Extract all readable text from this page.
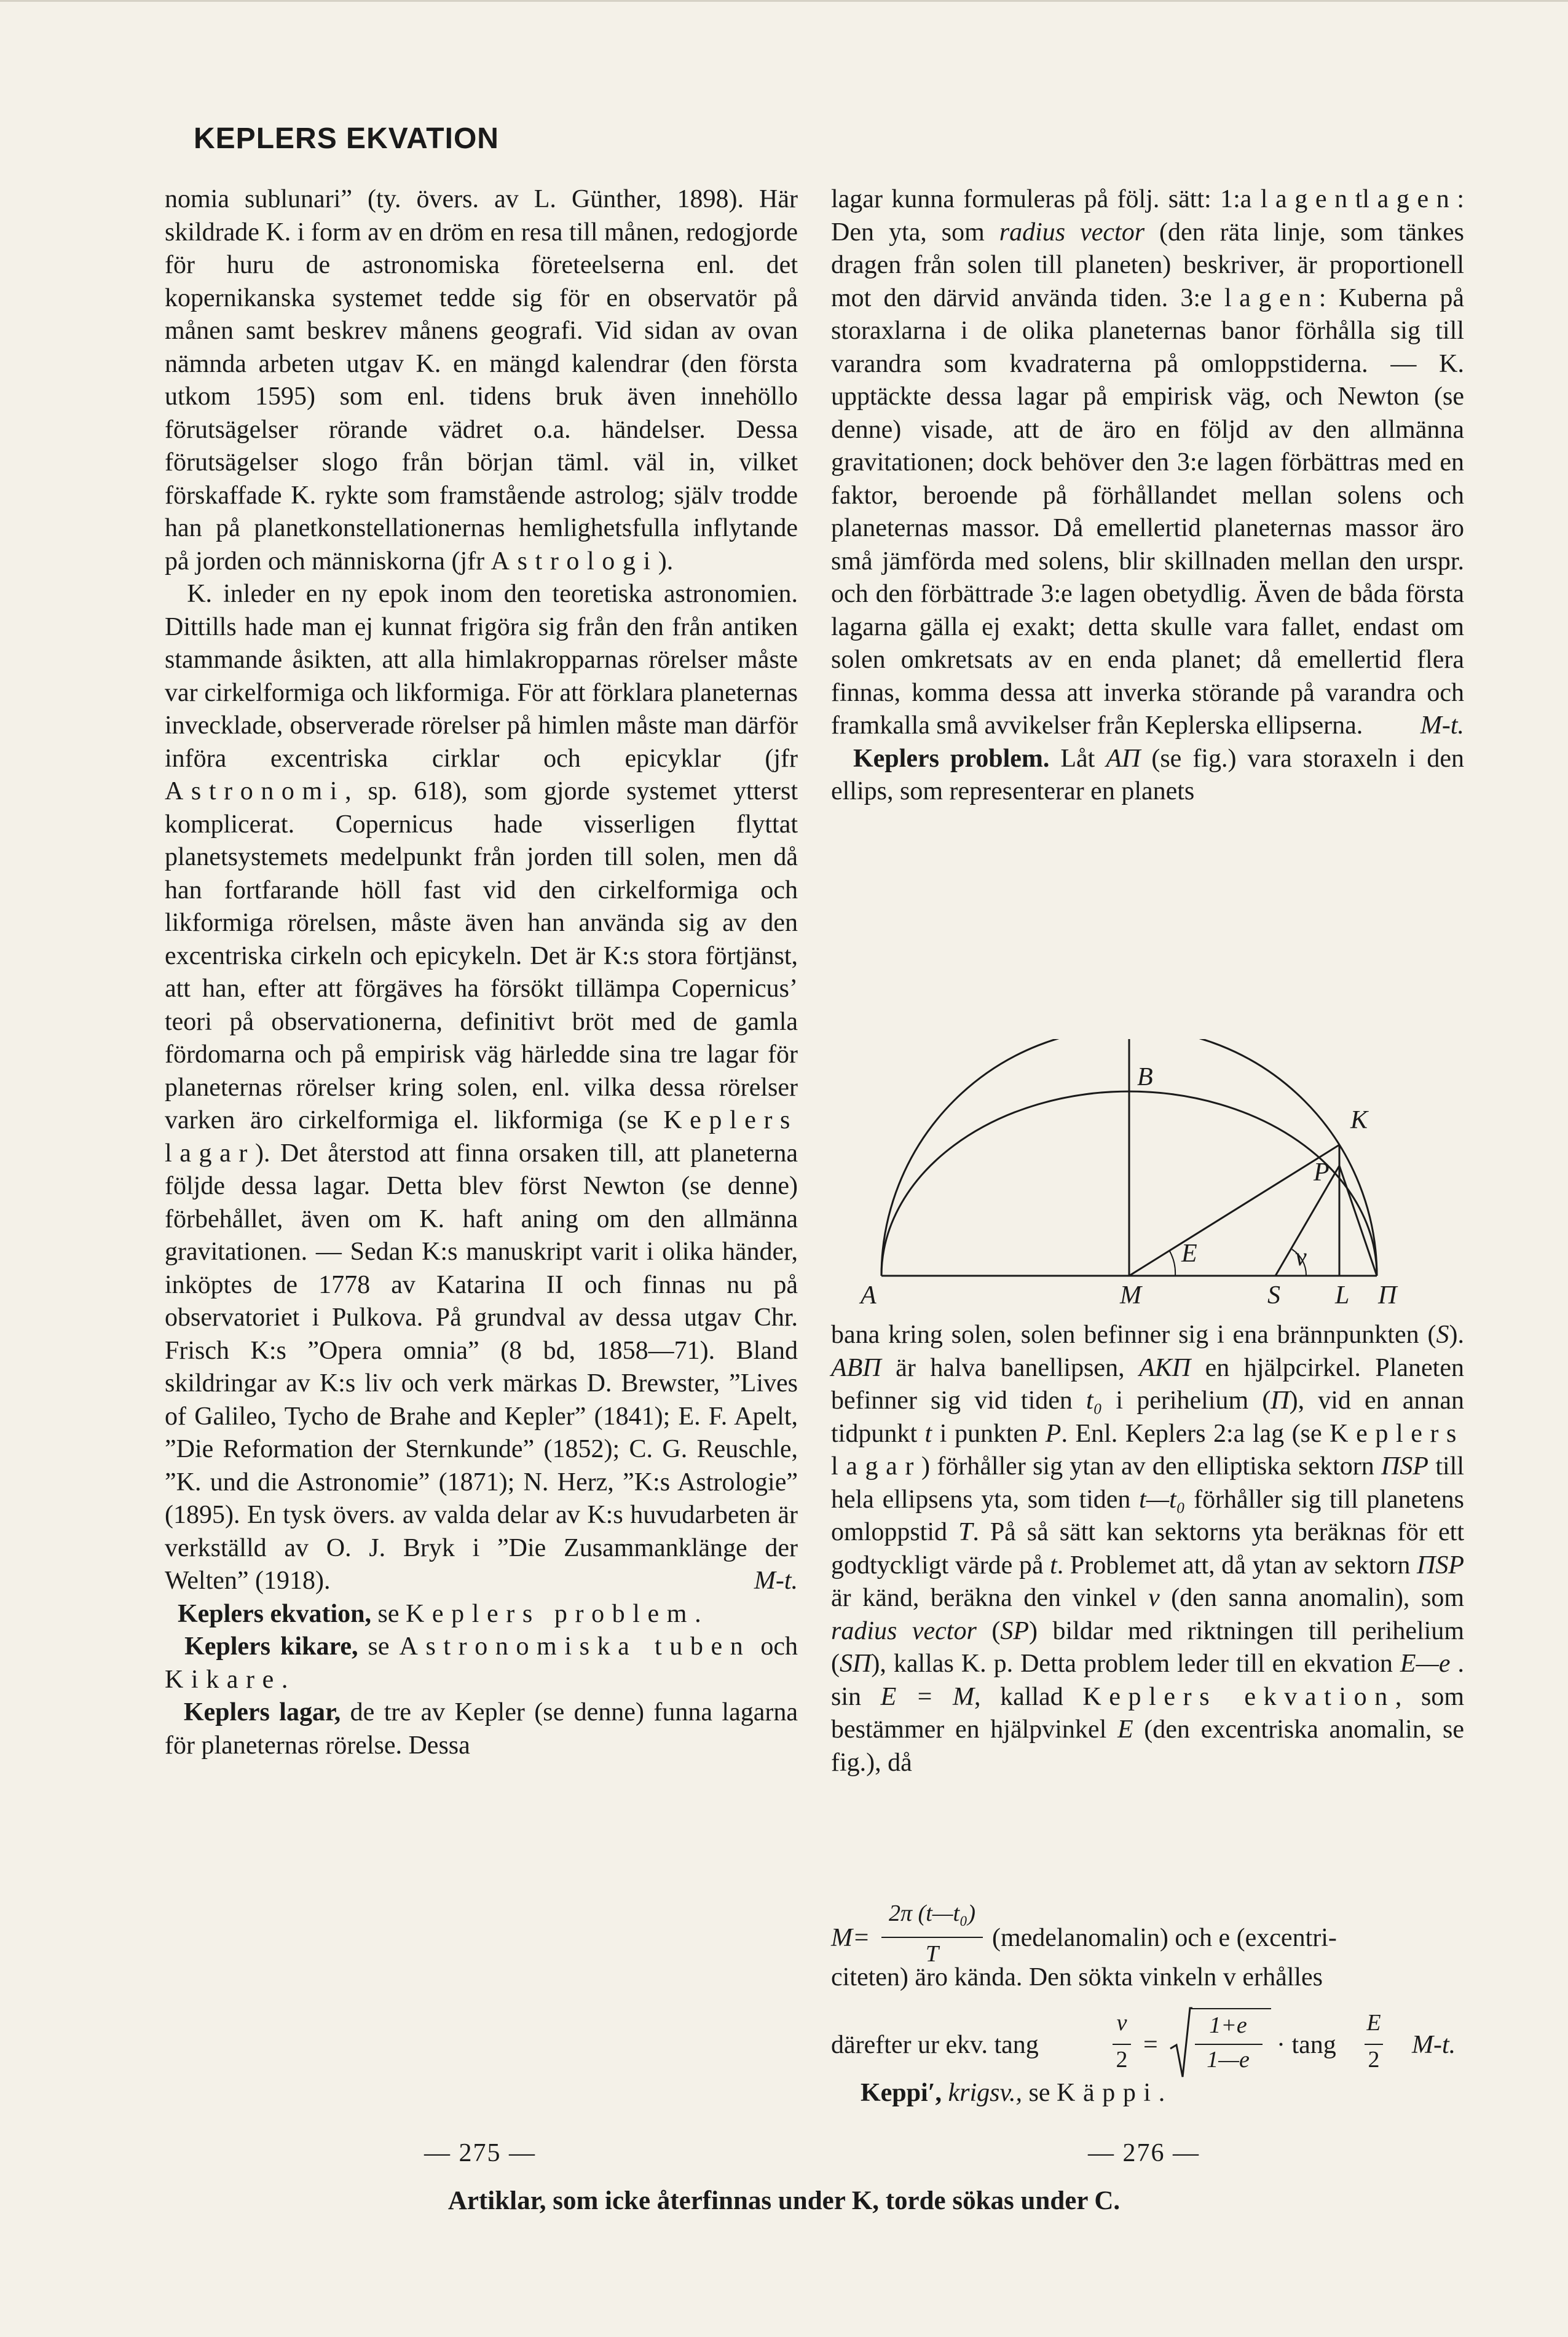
KEPLERS EKVATION

nomia sublunari” (ty. övers. av L. Günther, 1898). Här skildrade K. i form av en dröm en resa till månen, redogjorde för huru de astronomiska företeelserna enl. det kopernikanska systemet tedde sig för en observatör på månen samt beskrev månens geografi. Vid sidan av ovan nämnda arbeten utgav K. en mängd kalendrar (den första utkom 1595) som enl. tidens bruk även innehöllo förutsägelser rörande vädret o.a. händelser. Dessa förutsägelser slogo från början täml. väl in, vilket förskaffade K. rykte som framstående astrolog; själv trodde han på planetkonstellationernas hemlighetsfulla inflytande på jorden och människorna (jfr Astrologi).

K. inleder en ny epok inom den teoretiska astronomien. Dittills hade man ej kunnat frigöra sig från den från antiken stammande åsikten, att alla himlakropparnas rörelser måste var cirkelformiga och likformiga. För att förklara planeternas invecklade, observerade rörelser på himlen måste man därför införa excentriska cirklar och epicyklar (jfr Astronomi, sp. 618), som gjorde systemet ytterst komplicerat. Copernicus hade visserligen flyttat planetsystemets medelpunkt från jorden till solen, men då han fortfarande höll fast vid den cirkelformiga och likformiga rörelsen, måste även han använda sig av den excentriska cirkeln och epicykeln. Det är K:s stora förtjänst, att han, efter att förgäves ha försökt tillämpa Copernicus’ teori på observationerna, definitivt bröt med de gamla fördomarna och på empirisk väg härledde sina tre lagar för planeternas rörelser kring solen, enl. vilka dessa rörelser varken äro cirkelformiga el. likformiga (se Keplers lagar). Det återstod att finna orsaken till, att planeterna följde dessa lagar. Detta blev först Newton (se denne) förbehållet, även om K. haft aning om den allmänna gravitationen. — Sedan K:s manuskript varit i olika händer, inköptes de 1778 av Katarina II och finnas nu på observatoriet i Pulkova. På grundval av dessa utgav Chr. Frisch K:s ”Opera omnia” (8 bd, 1858—71). Bland skildringar av K:s liv och verk märkas D. Brewster, ”Lives of Galileo, Tycho de Brahe and Kepler” (1841); E. F. Apelt, ”Die Reformation der Sternkunde” (1852); C. G. Reuschle, ”K. und die Astronomie” (1871); N. Herz, ”K:s Astrologie” (1895). En tysk övers. av valda delar av K:s huvudarbeten är verkställd av O. J. Bryk i ”Die Zusammanklänge der Welten” (1918).	M-t.

Keplers ekvation, se Keplers problem.

Keplers kikare, se Astronomiska tuben och Kikare.

Keplers lagar, de tre av Kepler (se denne) funna lagarna för planeternas rörelse. Dessa

lagar kunna formuleras på följ. sätt: 1:a lagentlagen: Den yta, som radius vector (den räta linje, som tänkes dragen från solen till planeten) beskriver, är proportionell mot den därvid använda tiden. 3:e lagen: Kuberna på storaxlarna i de olika planeternas banor förhålla sig till varandra som kvadraterna på omloppstiderna. — K. upptäckte dessa lagar på empirisk väg, och Newton (se denne) visade, att de äro en följd av den allmänna gravitationen; dock behöver den 3:e lagen förbättras med en faktor, beroende på förhållandet mellan solens och planeternas massor. Då emellertid planeternas massor äro små jämförda med solens, blir skillnaden mellan den urspr. och den förbättrade 3:e lagen obetydlig. Även de båda första lagarna gälla ej exakt; detta skulle vara fallet, endast om solen omkretsats av en enda planet; då emellertid flera finnas, komma dessa att inverka störande på varandra och framkalla små avvikelser från Keplerska ellipserna. M-t.

Keplers problem. Låt AΠ (se fig.) vara storaxeln i den ellips, som representerar en planets

A
B
K
P
E	v
M	S L Π

bana kring solen, solen befinner sig i ena brännpunkten (S). ABΠ är halva banellipsen, AKΠ en hjälpcirkel. Planeten befinner sig vid tiden t₀ i perihelium (Π), vid en annan tidpunkt t i punkten P. Enl. Keplers 2:a lag (se Keplers lagar) förhåller sig ytan av den elliptiska sektorn ΠSP till hela ellipsens yta, som tiden t—t₀ förhåller sig till planetens omloppstid T. På så sätt kan sektorns yta beräknas för ett godtyckligt värde på t. Problemet att, då ytan av sektorn ΠSP är känd, beräkna den vinkel v (den sanna anomalin), som radius vector (SP) bildar med riktningen till perihelium (SΠ), kallas K. p. Detta problem leder till en ekvation E—e . sin E = M, kallad Keplers ekvation, som bestämmer en hjälpvinkel E (den excentriska anomalin, se fig.), då

M=
2π (t—t₀)
T
(medelanomalin) och e (excentri-
citeten) äro kända. Den sökta vinkeln v erhålles
därefter ur ekv. tang
v
2
=
1+e
1—e
· tang
E
2
M-t.
Keppi′, krigsv., se Käppi.
— 275 —	— 276 —
Artiklar, som icke återfinnas under K, torde sökas under C.
